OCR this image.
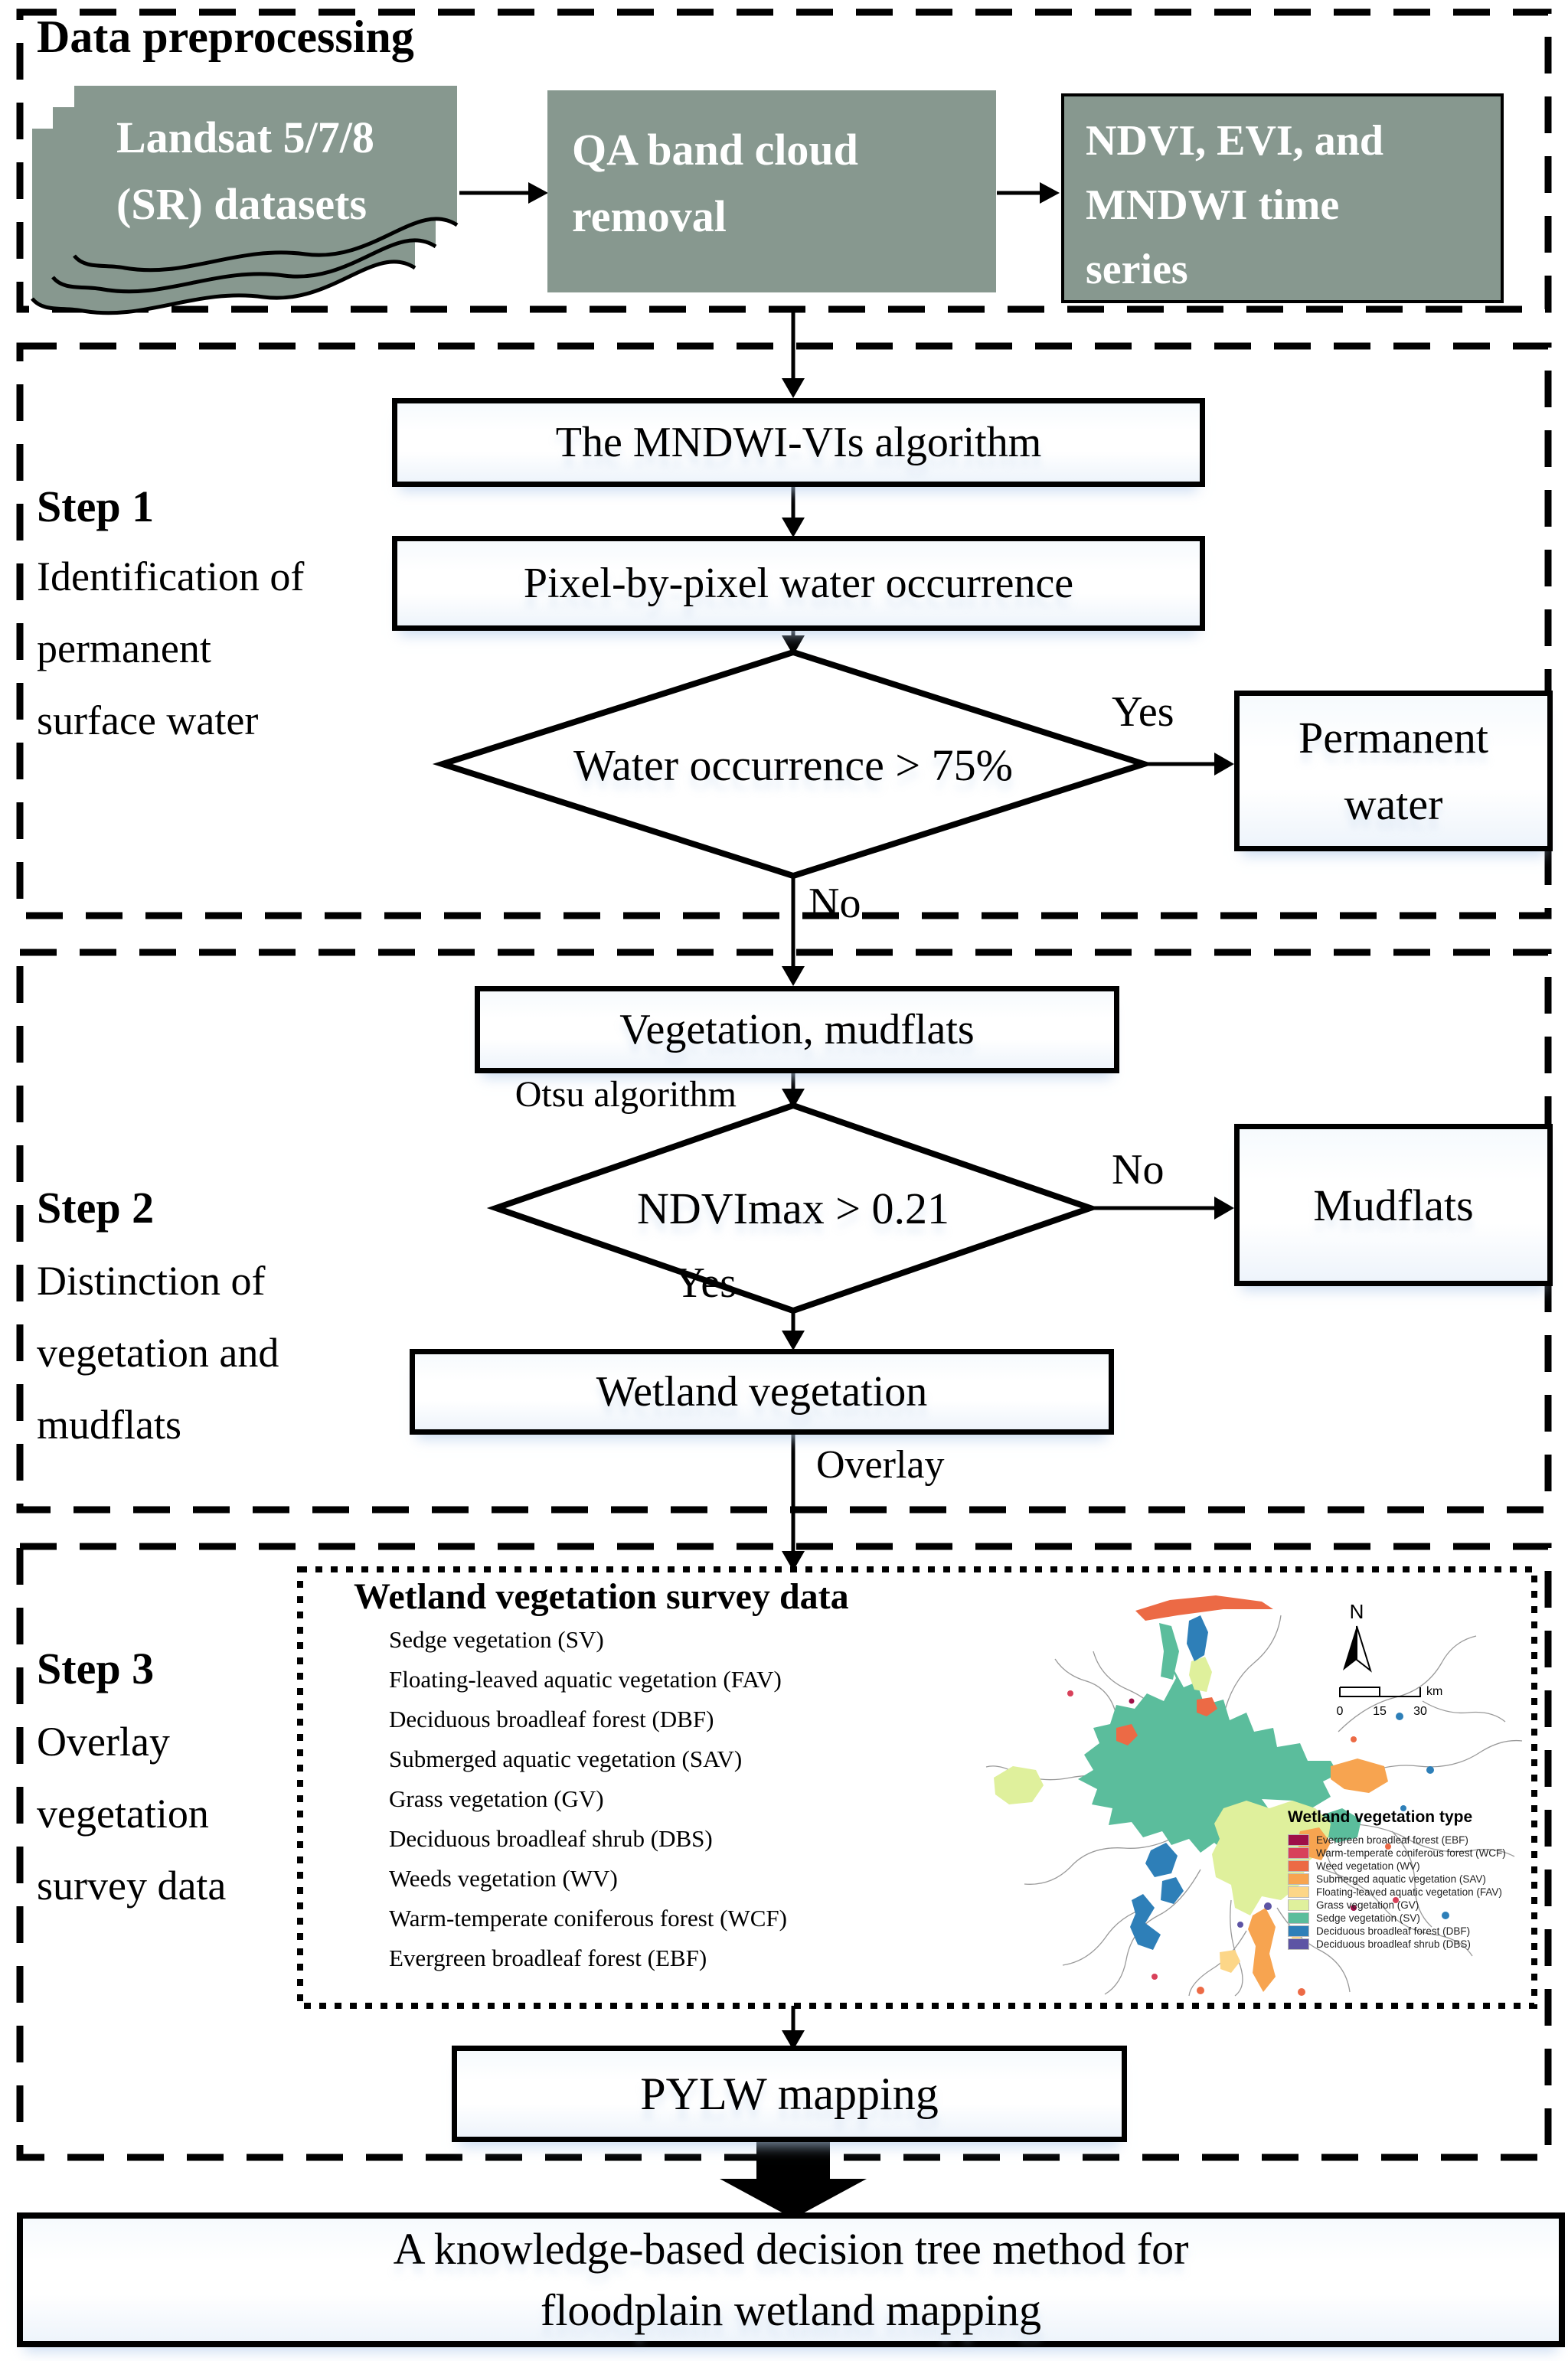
Data preprocessing
Landsat 5/7/8
(SR) datasets
QA band cloud
removal
NDVI, EVI, and
MNDWI time
series
Step 1
Identification of
permanent
surface water
The MNDWI-VIs algorithm
Pixel-by-pixel water occurrence
Water occurrence > 75%
Yes
Permanent
water
No
Step 2
Distinction of
vegetation and
mudflats
Vegetation, mudflats
Otsu algorithm
NDVImax > 0.21
No
Mudflats
Yes
Wetland vegetation
Overlay
Step 3
Overlay
vegetation
survey data
Wetland vegetation survey data
Sedge vegetation (SV)
Floating-leaved aquatic vegetation (FAV)
Deciduous broadleaf forest (DBF)
Submerged aquatic vegetation (SAV)
Grass vegetation (GV)
Deciduous broadleaf shrub (DBS)
Weeds vegetation (WV)
Warm-temperate coniferous forest (WCF)
Evergreen broadleaf forest (EBF)
N
0 15 30
km
Wetland vegetation type
Evergreen broadleaf forest (EBF)
Warm-temperate coniferous forest (WCF)
Weed vegetation (WV)
Submerged aquatic vegetation (SAV)
Floating-leaved aquatic vegetation (FAV)
Grass vegetation (GV)
Sedge vegetation (SV)
Deciduous broadleaf forest (DBF)
Deciduous broadleaf shrub (DBS)
PYLW mapping
A knowledge-based decision tree method for
floodplain wetland mapping
